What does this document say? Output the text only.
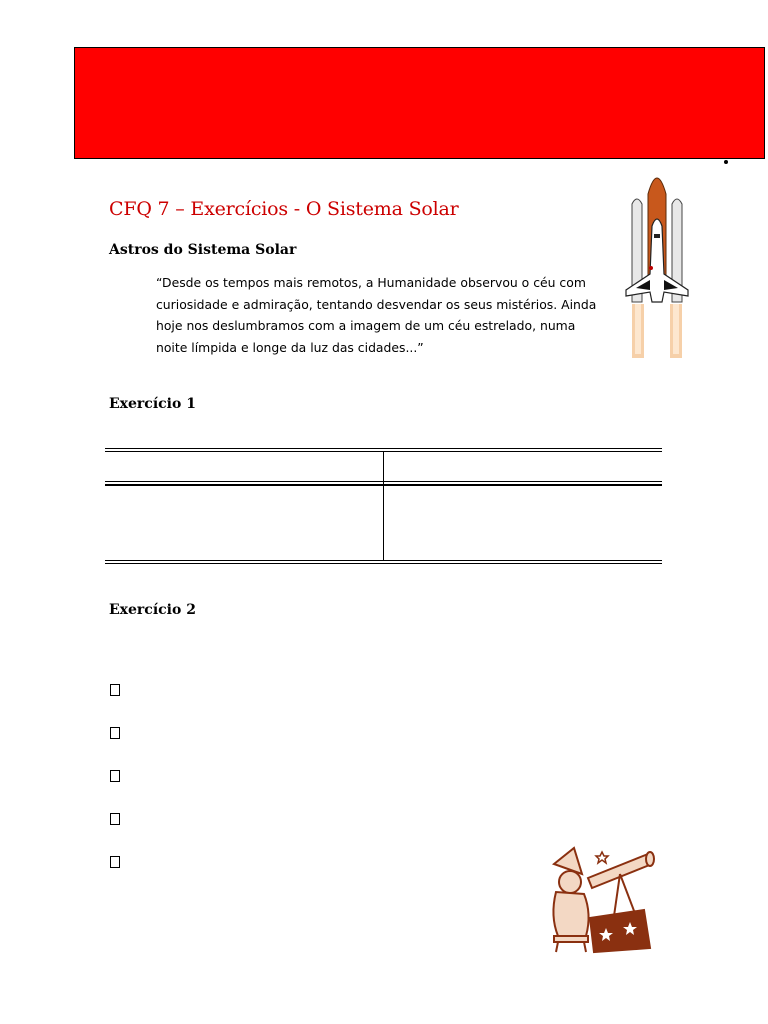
CFQ 7 – Exercícios - O Sistema Solar
Astros do Sistema Solar

“Desde os tempos mais remotos, a Humanidade observou o céu com curiosidade e admiração, tentando desvendar os seus mistérios. Ainda hoje nos deslumbramos com a imagem de um céu estrelado, numa noite límpida e longe da luz das cidades...”

Exercício 1
Exercício 2
